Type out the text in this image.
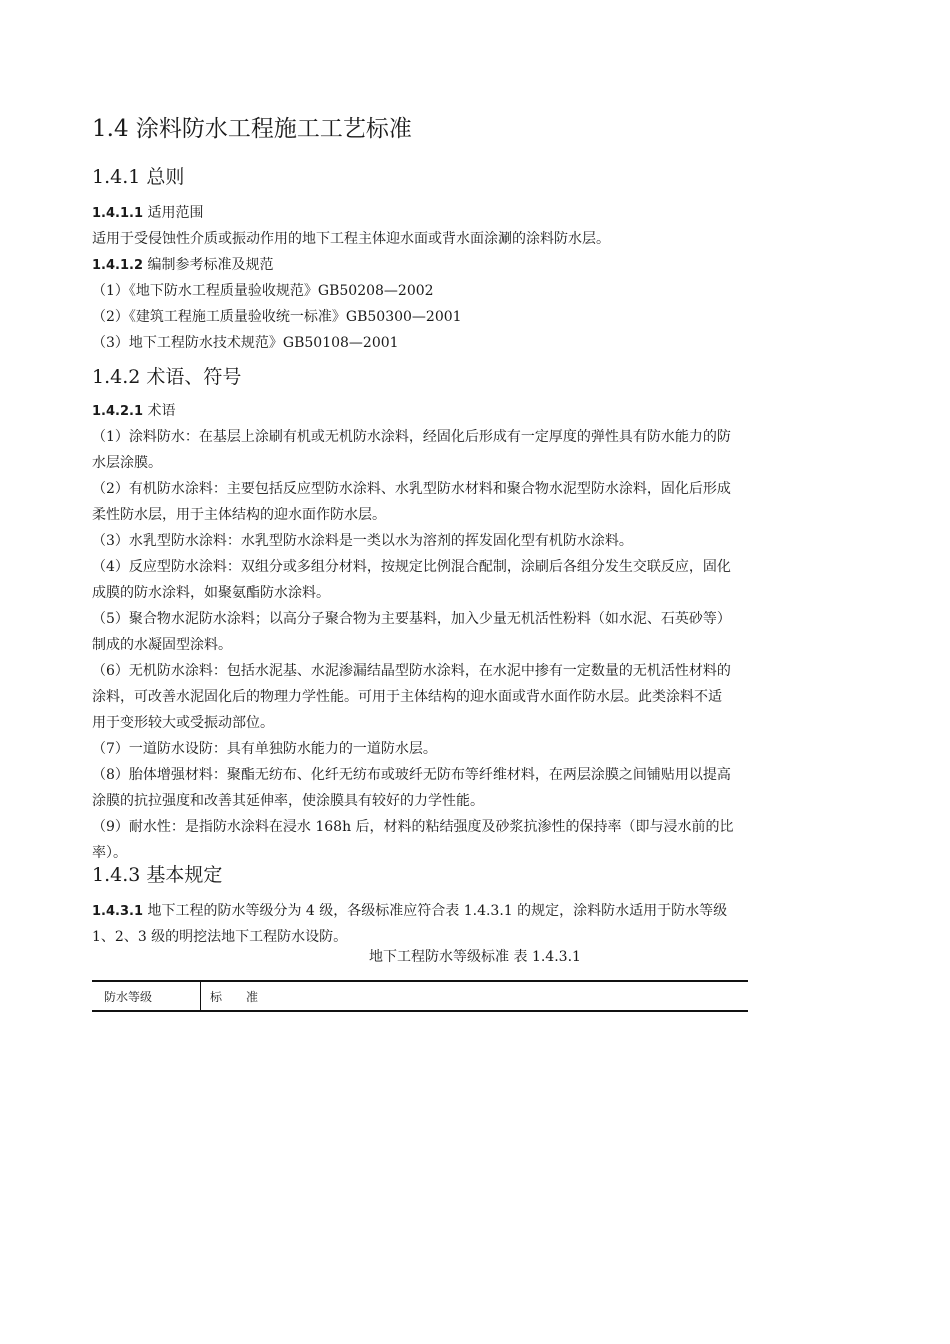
1.4 涂料防水工程施工工艺标准
1.4.1 总则
1.4.1.1 适用范围
适用于受侵蚀性介质或振动作用的地下工程主体迎水面或背水面涂涮的涂料防水层。
1.4.1.2 编制参考标准及规范
（1）《地下防水工程质量验收规范》GB50208—2002
（2）《建筑工程施工质量验收统一标准》GB50300—2001
（3）地下工程防水技术规范》GB50108—2001
1.4.2 术语、符号
1.4.2.1 术语
（1）涂料防水：在基层上涂刷有机或无机防水涂料，经固化后形成有一定厚度的弹性具有防水能力的防
水层涂膜。
（2）有机防水涂料：主要包括反应型防水涂料、水乳型防水材料和聚合物水泥型防水涂料，固化后形成
柔性防水层，用于主体结构的迎水面作防水层。
（3）水乳型防水涂料：水乳型防水涂料是一类以水为溶剂的挥发固化型有机防水涂料。
（4）反应型防水涂料：双组分或多组分材料，按规定比例混合配制，涂刷后各组分发生交联反应，固化
成膜的防水涂料，如聚氨酯防水涂料。
（5）聚合物水泥防水涂料；以高分子聚合物为主要基料，加入少量无机活性粉料（如水泥、石英砂等）
制成的水凝固型涂料。
（6）无机防水涂料：包括水泥基、水泥渗漏结晶型防水涂料，在水泥中掺有一定数量的无机活性材料的
涂料，可改善水泥固化后的物理力学性能。可用于主体结构的迎水面或背水面作防水层。此类涂料不适
用于变形较大或受振动部位。
（7）一道防水设防：具有单独防水能力的一道防水层。
（8）胎体增强材料：聚酯无纺布、化纤无纺布或玻纤无防布等纤维材料，在两层涂膜之间铺贴用以提高
涂膜的抗拉强度和改善其延伸率，使涂膜具有较好的力学性能。
（9）耐水性：是指防水涂料在浸水 168h 后，材料的粘结强度及砂浆抗渗性的保持率（即与浸水前的比
率）。
1.4.3 基本规定
1.4.3.1 地下工程的防水等级分为 4 级，各级标准应符合表 1.4.3.1 的规定，涂料防水适用于防水等级
1、2、3 级的明挖法地下工程防水设防。
地下工程防水等级标准 表 1.4.3.1
防水等级	标　　准
